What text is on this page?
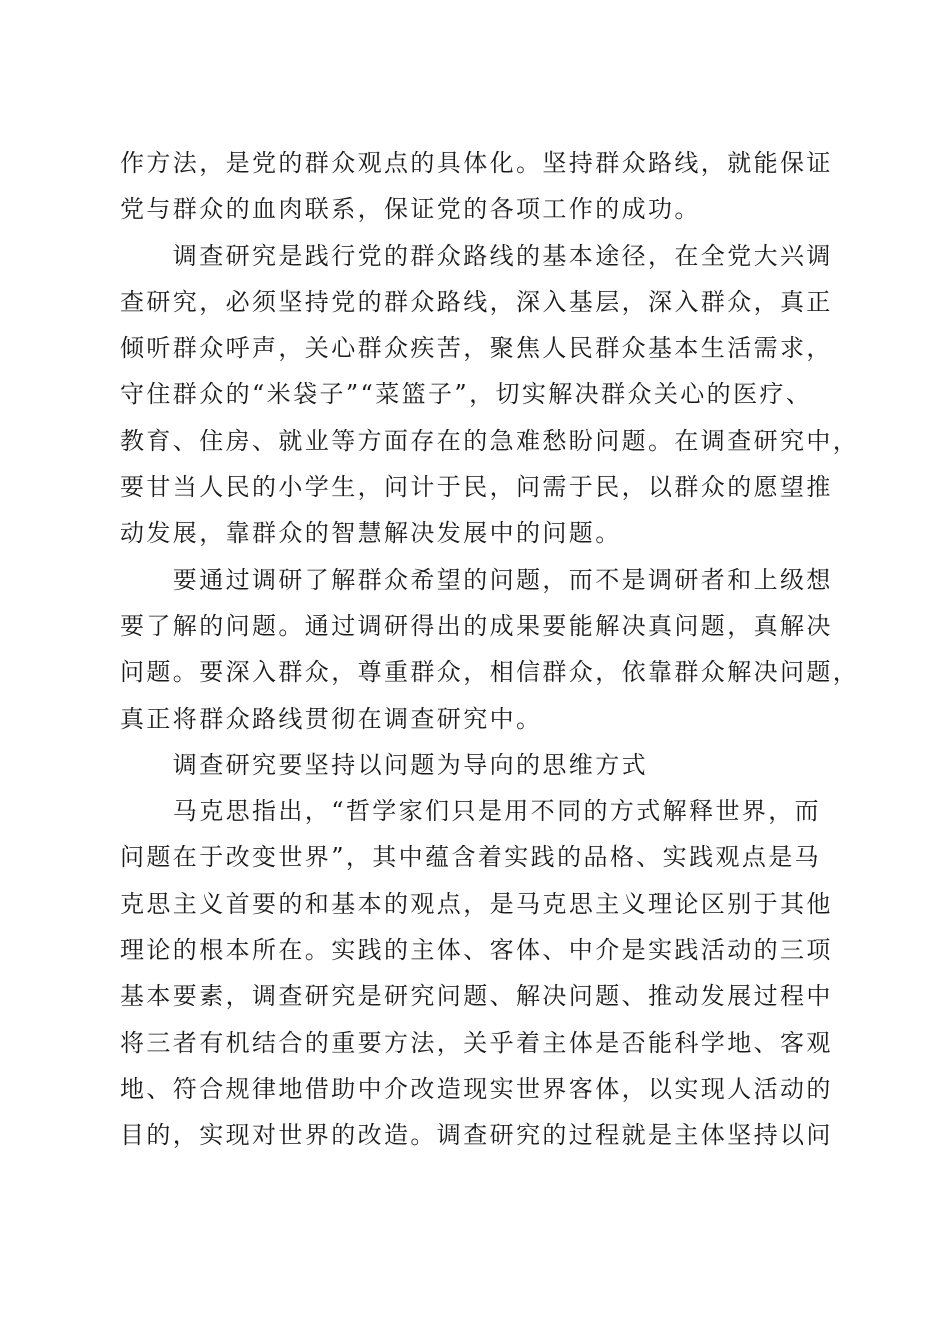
作方法，是党的群众观点的具体化。坚持群众路线，就能保证
党与群众的血肉联系，保证党的各项工作的成功。

　　调查研究是践行党的群众路线的基本途径，在全党大兴调
查研究，必须坚持党的群众路线，深入基层，深入群众，真正
倾听群众呼声，关心群众疾苦，聚焦人民群众基本生活需求，
守住群众的“米袋子”“菜篮子”，切实解决群众关心的医疗、
教育、住房、就业等方面存在的急难愁盼问题。在调查研究中，
要甘当人民的小学生，问计于民，问需于民，以群众的愿望推
动发展，靠群众的智慧解决发展中的问题。

　　要通过调研了解群众希望的问题，而不是调研者和上级想
要了解的问题。通过调研得出的成果要能解决真问题，真解决
问题。要深入群众，尊重群众，相信群众，依靠群众解决问题，
真正将群众路线贯彻在调查研究中。

　　调查研究要坚持以问题为导向的思维方式

　　马克思指出，“哲学家们只是用不同的方式解释世界，而
问题在于改变世界”，其中蕴含着实践的品格、实践观点是马
克思主义首要的和基本的观点，是马克思主义理论区别于其他
理论的根本所在。实践的主体、客体、中介是实践活动的三项
基本要素，调查研究是研究问题、解决问题、推动发展过程中
将三者有机结合的重要方法，关乎着主体是否能科学地、客观
地、符合规律地借助中介改造现实世界客体，以实现人活动的
目的，实现对世界的改造。调查研究的过程就是主体坚持以问
